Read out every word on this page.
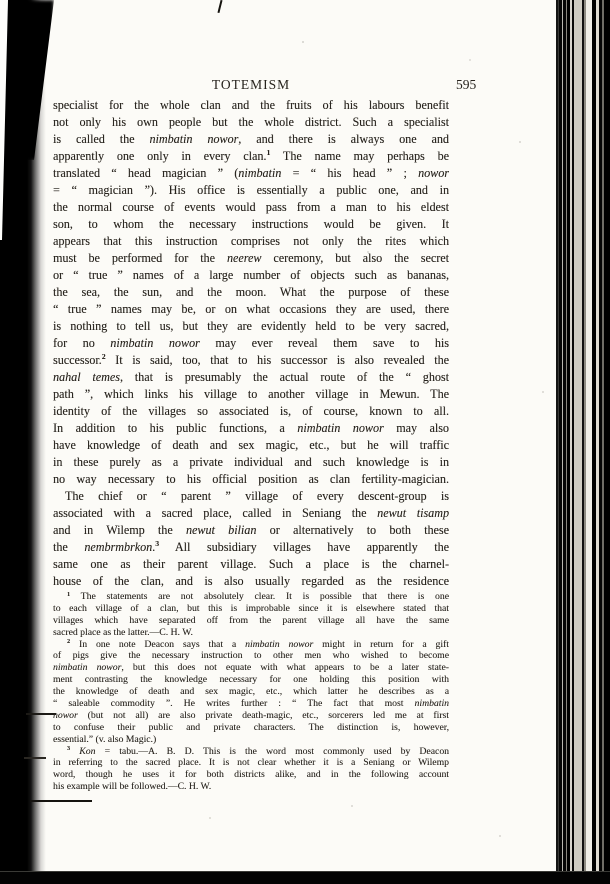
TOTEMISM	595
specialist for the whole clan and the fruits of his labours benefit
not only his own people but the whole district. Such a specialist
is called the nimbatin nowor, and there is always one and
apparently one only in every clan.$^1$ The name may perhaps be
translated “ head magician ” (nimbatin = “ his head ” ; nowor
= “ magician ”). His office is essentially a public one, and in
the normal course of events would pass from a man to his eldest
son, to whom the necessary instructions would be given. It
appears that this instruction comprises not only the rites which
must be performed for the neerew ceremony, but also the secret
or “ true ” names of a large number of objects such as bananas,
the sea, the sun, and the moon. What the purpose of these
“ true ” names may be, or on what occasions they are used, there
is nothing to tell us, but they are evidently held to be very sacred,
for no nimbatin nowor may ever reveal them save to his
successor.$^2$ It is said, too, that to his successor is also revealed the
nahal temes, that is presumably the actual route of the “ ghost
path ”, which links his village to another village in Mewun. The
identity of the villages so associated is, of course, known to all.
In addition to his public functions, a nimbatin nowor may also
have knowledge of death and sex magic, etc., but he will traffic
in these purely as a private individual and such knowledge is in
no way necessary to his official position as clan fertility-magician.
The chief or “ parent ” village of every descent-group is
associated with a sacred place, called in Seniang the newut tisamp
and in Wilemp the newut bilian or alternatively to both these
the nembrmbrkon.$^3$ All subsidiary villages have apparently the
same one as their parent village. Such a place is the charnel-
house of the clan, and is also usually regarded as the residence
$^1$ The statements are not absolutely clear. It is possible that there is one
to each village of a clan, but this is improbable since it is elsewhere stated that
villages which have separated off from the parent village all have the same
sacred place as the latter.—C. H. W.
$^2$ In one note Deacon says that a nimbatin nowor might in return for a gift
of pigs give the necessary instruction to other men who wished to become
nimbatin nowor, but this does not equate with what appears to be a later state-
ment contrasting the knowledge necessary for one holding this position with
the knowledge of death and sex magic, etc., which latter he describes as a
“ saleable commodity ”. He writes further : “ The fact that most nimbatin
nowor (but not all) are also private death-magic, etc., sorcerers led me at first
to confuse their public and private characters. The distinction is, however,
essential.” (v. also Magic.)
$^3$ Kon = tabu.—A. B. D. This is the word most commonly used by Deacon
in referring to the sacred place. It is not clear whether it is a Seniang or Wilemp
word, though he uses it for both districts alike, and in the following account
his example will be followed.—C. H. W.
